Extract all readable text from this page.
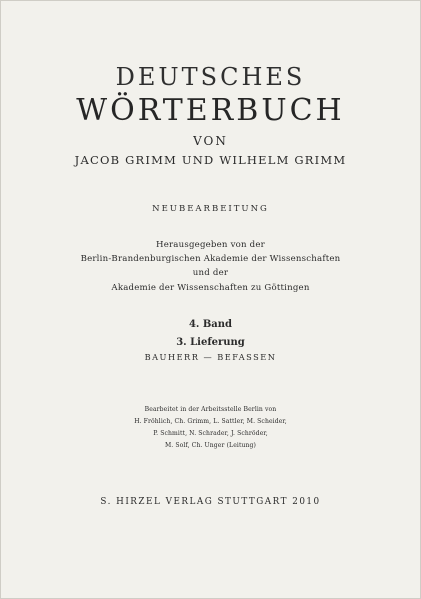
DEUTSCHES

WÖRTERBUCH

VON

JACOB GRIMM UND WILHELM GRIMM

NEUBEARBEITUNG

Herausgegeben von der

Berlin-Brandenburgischen Akademie der Wissenschaften

und der

Akademie der Wissenschaften zu Göttingen

4. Band

3. Lieferung

BAUHERR — BEFASSEN

Bearbeitet in der Arbeitsstelle Berlin von

H. Fröhlich, Ch. Grimm, L. Sattler, M. Scheider,

P. Schmitt, N. Schrader, J. Schröder,

M. Solf, Ch. Unger (Leitung)

S. HIRZEL VERLAG STUTTGART 2010
